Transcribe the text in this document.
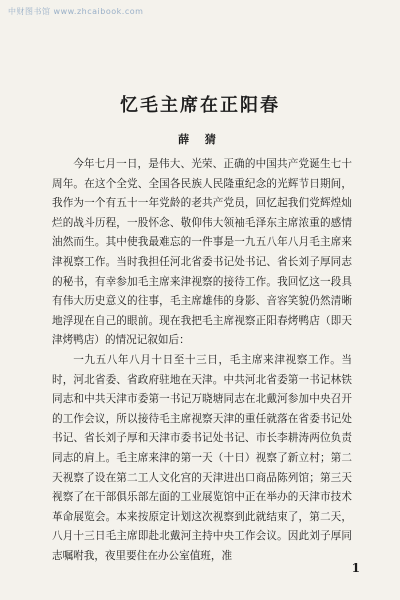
中财图书馆 www.zhcaibook.com
忆毛主席在正阳春
薛 猜

今年七月一日，是伟大、光荣、正确的中国共产党诞生七十周年。在这个全党、全国各民族人民隆重纪念的光辉节日期间，我作为一个有五十一年党龄的老共产党员，回忆起我们党辉煌灿烂的战斗历程，一股怀念、敬仰伟大领袖毛泽东主席浓重的感情油然而生。其中使我最难忘的一件事是一九五八年八月毛主席来津视察工作。当时我担任河北省委书记处书记、省长刘子厚同志的秘书，有幸参加毛主席来津视察的接待工作。我回忆这一段具有伟大历史意义的往事，毛主席雄伟的身影、音容笑貌仍然清晰地浮现在自己的眼前。现在我把毛主席视察正阳春烤鸭店（即天津烤鸭店）的情况记叙如后：

一九五八年八月十日至十三日，毛主席来津视察工作。当时，河北省委、省政府驻地在天津。中共河北省委第一书记林铁同志和中共天津市委第一书记万晓塘同志在北戴河参加中央召开的工作会议，所以接待毛主席视察天津的重任就落在省委书记处书记、省长刘子厚和天津市委书记处书记、市长李耕涛两位负责同志的肩上。毛主席来津的第一天（十日）视察了新立村；第二天视察了设在第二工人文化宫的天津进出口商品陈列馆；第三天视察了在干部俱乐部左面的工业展览馆中正在举办的天津市技术革命展览会。本来按原定计划这次视察到此就结束了，第二天，八月十三日毛主席即赴北戴河主持中央工作会议。因此刘子厚同志嘱咐我，夜里要住在办公室值班，准

1
